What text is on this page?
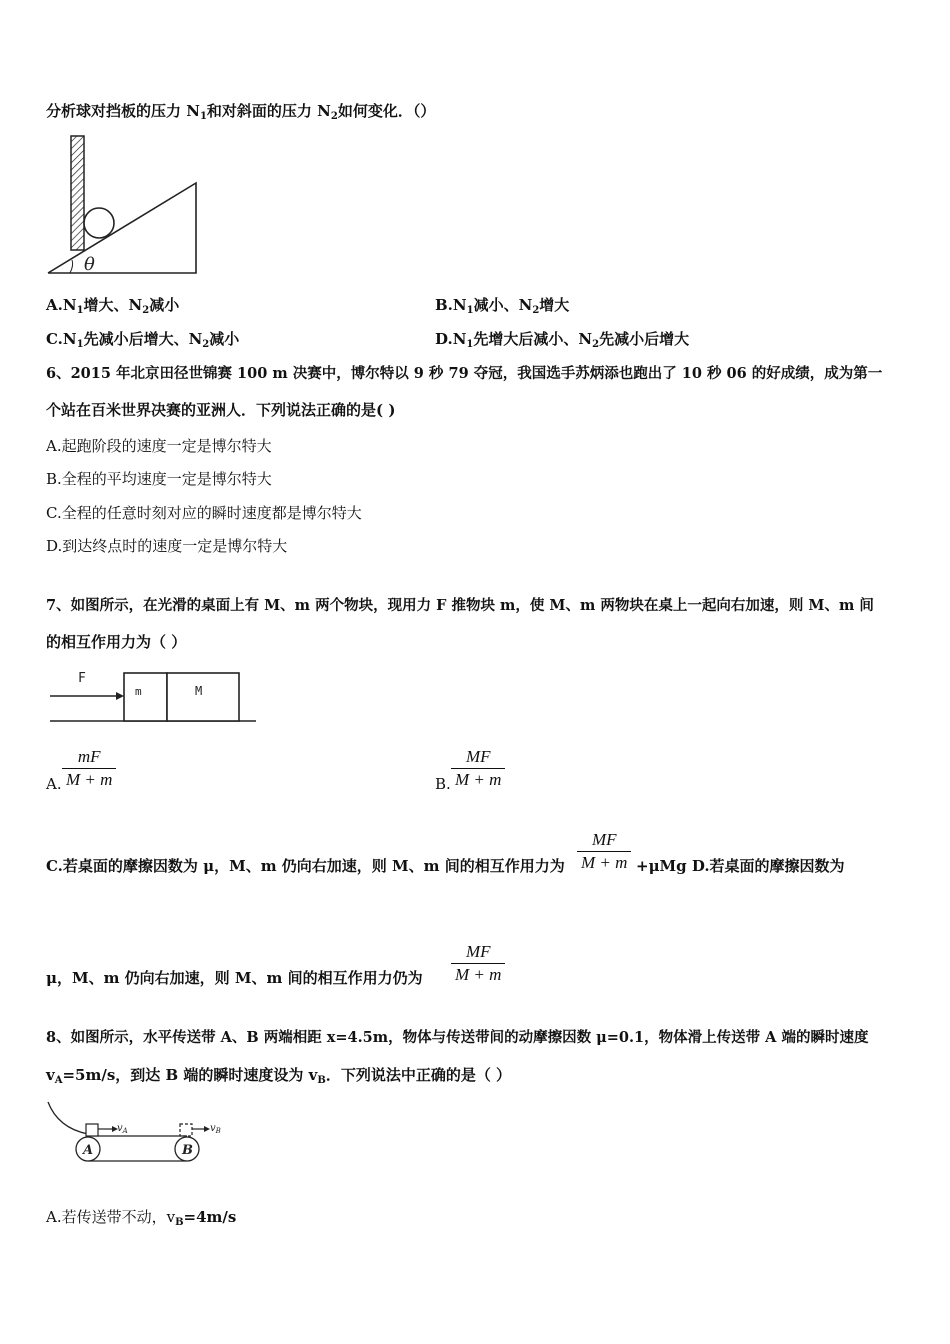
分析球对挡板的压力 $N_1$和对斜面的压力 $N_2$如何变化．（）
θ
$A.N_1$增大、$N_2$减小	$B.N_1$减小、$N_2$增大
$C.N_1$先减小后增大、$N_2$减小	$D.N_1$先增大后减小、$N_2$先减小后增大
6、2015 年北京田径世锦赛 100 m 决赛中，博尔特以 9 秒 79 夺冠，我国选手苏炳添也跑出了 10 秒 06 的好成绩，成为第一
个站在百米世界决赛的亚洲人．下列说法正确的是( )
A.起跑阶段的速度一定是博尔特大
B.全程的平均速度一定是博尔特大
C.全程的任意时刻对应的瞬时速度都是博尔特大
D.到达终点时的速度一定是博尔特大
7、如图所示，在光滑的桌面上有 M、m 两个物块，现用力 F 推物块 m，使 M、m 两物块在桌上一起向右加速，则 M、m 间
的相互作用力为（ ）
F
m	M
A.
mF
M + m	B.
MF
M + m
C.若桌面的摩擦因数为 μ，M、m 仍向右加速，则 M、m 间的相互作用力为
MF
M + m +μMg D.若桌面的摩擦因数为
μ，M、m 仍向右加速，则 M、m 间的相互作用力仍为
MF
M + m
8、如图所示，水平传送带 A、B 两端相距 x=4.5m，物体与传送带间的动摩擦因数 μ=0.1，物体滑上传送带 A 端的瞬时速度
$v_A=5m/s$，到达 B 端的瞬时速度设为 $v_B$．下列说法中正确的是（ ）
A	B
$v_A$	$v_B$
A.若传送带不动，$v_B=4m/s$
